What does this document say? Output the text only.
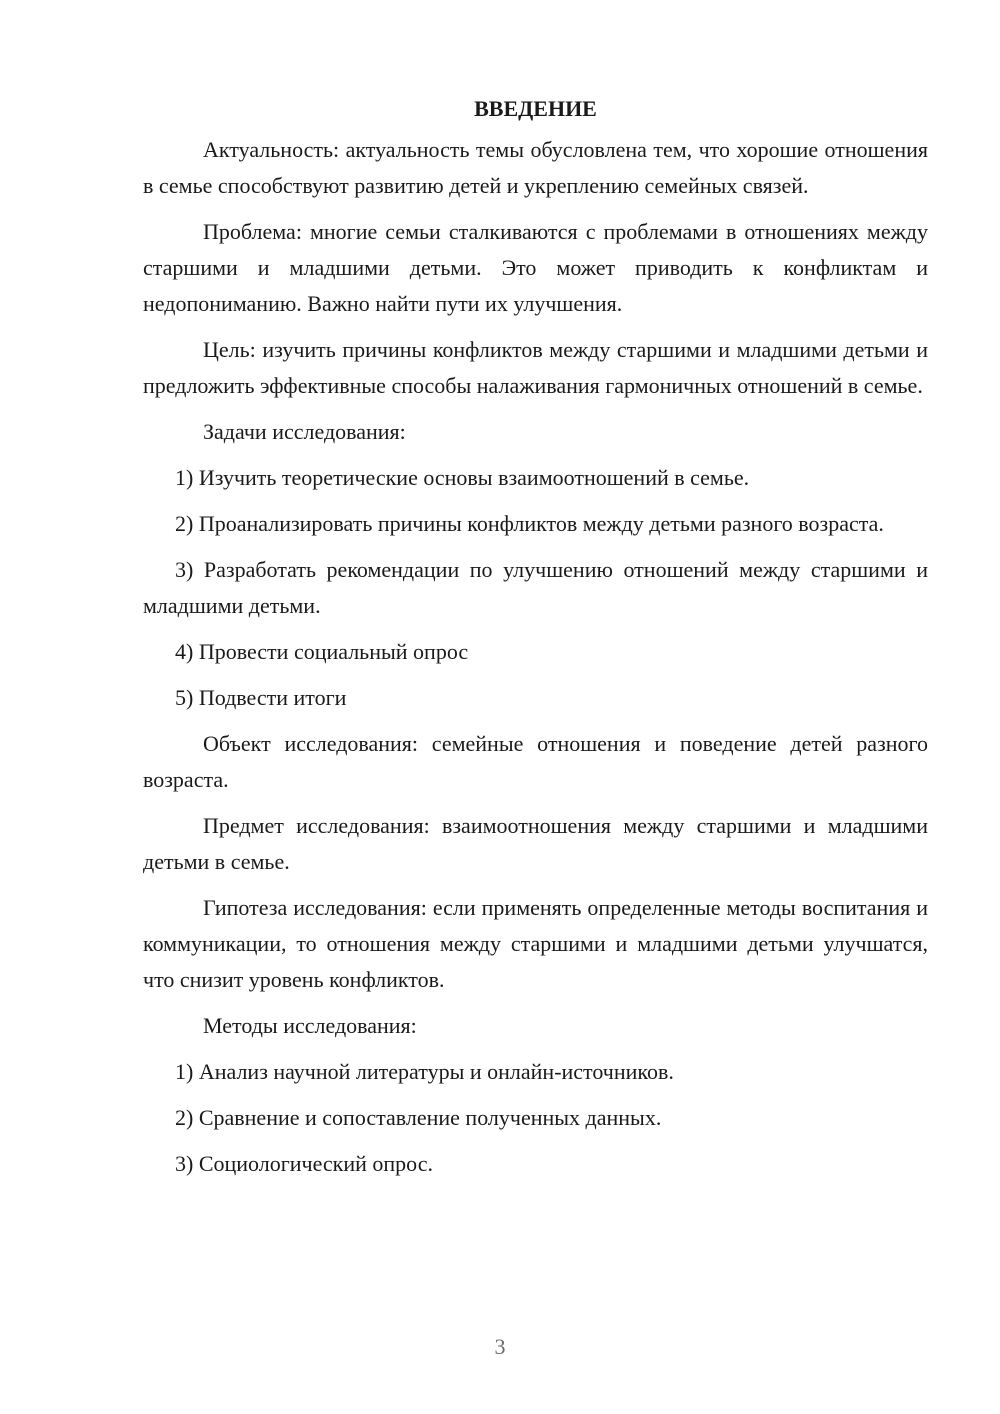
ВВЕДЕНИЕ

Актуальность: актуальность темы обусловлена тем, что хорошие отношения в семье способствуют развитию детей и укреплению семейных связей.

Проблема: многие семьи сталкиваются с проблемами в отношениях между старшими и младшими детьми. Это может приводить к конфликтам и недопониманию. Важно найти пути их улучшения.

Цель: изучить причины конфликтов между старшими и младшими детьми и предложить эффективные способы налаживания гармоничных отношений в семье.

Задачи исследования:

1) Изучить теоретические основы взаимоотношений в семье.

2) Проанализировать причины конфликтов между детьми разного возраста.

3) Разработать рекомендации по улучшению отношений между старшими и младшими детьми.

4) Провести социальный опрос

5) Подвести итоги

Объект исследования: семейные отношения и поведение детей разного возраста.

Предмет исследования: взаимоотношения между старшими и младшими детьми в семье.

Гипотеза исследования: если применять определенные методы воспитания и коммуникации, то отношения между старшими и младшими детьми улучшатся, что снизит уровень конфликтов.

Методы исследования:

1) Анализ научной литературы и онлайн-источников.

2) Сравнение и сопоставление полученных данных.

3) Социологический опрос.

3
